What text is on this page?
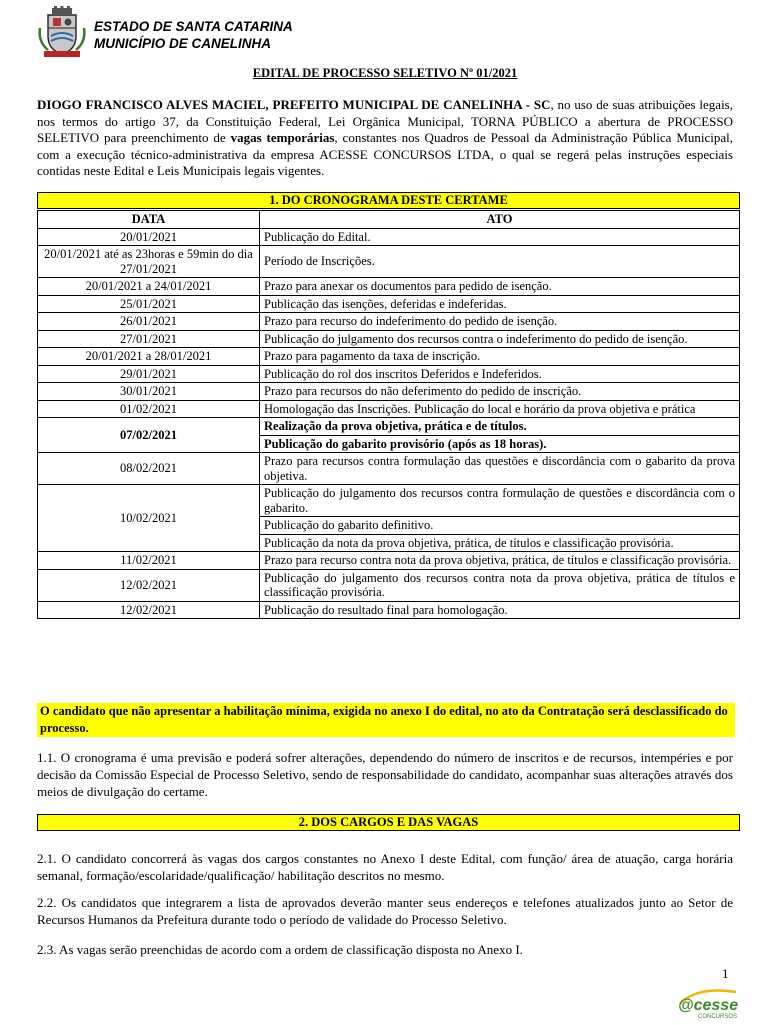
ESTADO DE SANTA CATARINA
MUNICÍPIO DE CANELINHA
EDITAL DE PROCESSO SELETIVO Nº 01/2021
DIOGO FRANCISCO ALVES MACIEL, PREFEITO MUNICIPAL DE CANELINHA - SC, no uso de suas atribuições legais, nos termos do artigo 37, da Constituição Federal, Lei Orgânica Municipal, TORNA PÚBLICO a abertura de PROCESSO SELETIVO para preenchimento de vagas temporárias, constantes nos Quadros de Pessoal da Administração Pública Municipal, com a execução técnico-administrativa da empresa ACESSE CONCURSOS LTDA, o qual se regerá pelas instruções especiais contidas neste Edital e Leis Municipais legais vigentes.
1. DO CRONOGRAMA DESTE CERTAME
DATA	ATO
20/01/2021	Publicação do Edital.
20/01/2021 até as 23horas e 59min do dia 27/01/2021	Período de Inscrições.
20/01/2021 a 24/01/2021	Prazo para anexar os documentos para pedido de isenção.
25/01/2021	Publicação das isenções, deferidas e indeferidas.
26/01/2021	Prazo para recurso do indeferimento do pedido de isenção.
27/01/2021	Publicação do julgamento dos recursos contra o indeferimento do pedido de isenção.
20/01/2021 a 28/01/2021	Prazo para pagamento da taxa de inscrição.
29/01/2021	Publicação do rol dos inscritos Deferidos e Indeferidos.
30/01/2021	Prazo para recursos do não deferimento do pedido de inscrição.
01/02/2021	Homologação das Inscrições. Publicação do local e horário da prova objetiva e prática
07/02/2021	Realização da prova objetiva, prática e de títulos.
	Publicação do gabarito provisório (após as 18 horas).
08/02/2021	Prazo para recursos contra formulação das questões e discordância com o gabarito da prova objetiva.
10/02/2021	Publicação do julgamento dos recursos contra formulação de questões e discordância com o gabarito.
	Publicação do gabarito definitivo.
	Publicação da nota da prova objetiva, prática, de títulos e classificação provisória.
11/02/2021	Prazo para recurso contra nota da prova objetiva, prática, de títulos e classificação provisória.
12/02/2021	Publicação do julgamento dos recursos contra nota da prova objetiva, prática de títulos e classificação provisória.
12/02/2021	Publicação do resultado final para homologação.
O candidato que não apresentar a habilitação mínima, exigida no anexo I do edital, no ato da Contratação será desclassificado do processo.
1.1. O cronograma é uma previsão e poderá sofrer alterações, dependendo do número de inscritos e de recursos, intempéries e por decisão da Comissão Especial de Processo Seletivo, sendo de responsabilidade do candidato, acompanhar suas alterações através dos meios de divulgação do certame.
2. DOS CARGOS E DAS VAGAS
2.1. O candidato concorrerá às vagas dos cargos constantes no Anexo I deste Edital, com função/ área de atuação, carga horária semanal, formação/escolaridade/qualificação/ habilitação descritos no mesmo.
2.2. Os candidatos que integrarem a lista de aprovados deverão manter seus endereços e telefones atualizados junto ao Setor de Recursos Humanos da Prefeitura durante todo o período de validade do Processo Seletivo.
2.3. As vagas serão preenchidas de acordo com a ordem de classificação disposta no Anexo I.
1
@cesse
CONCURSOS
